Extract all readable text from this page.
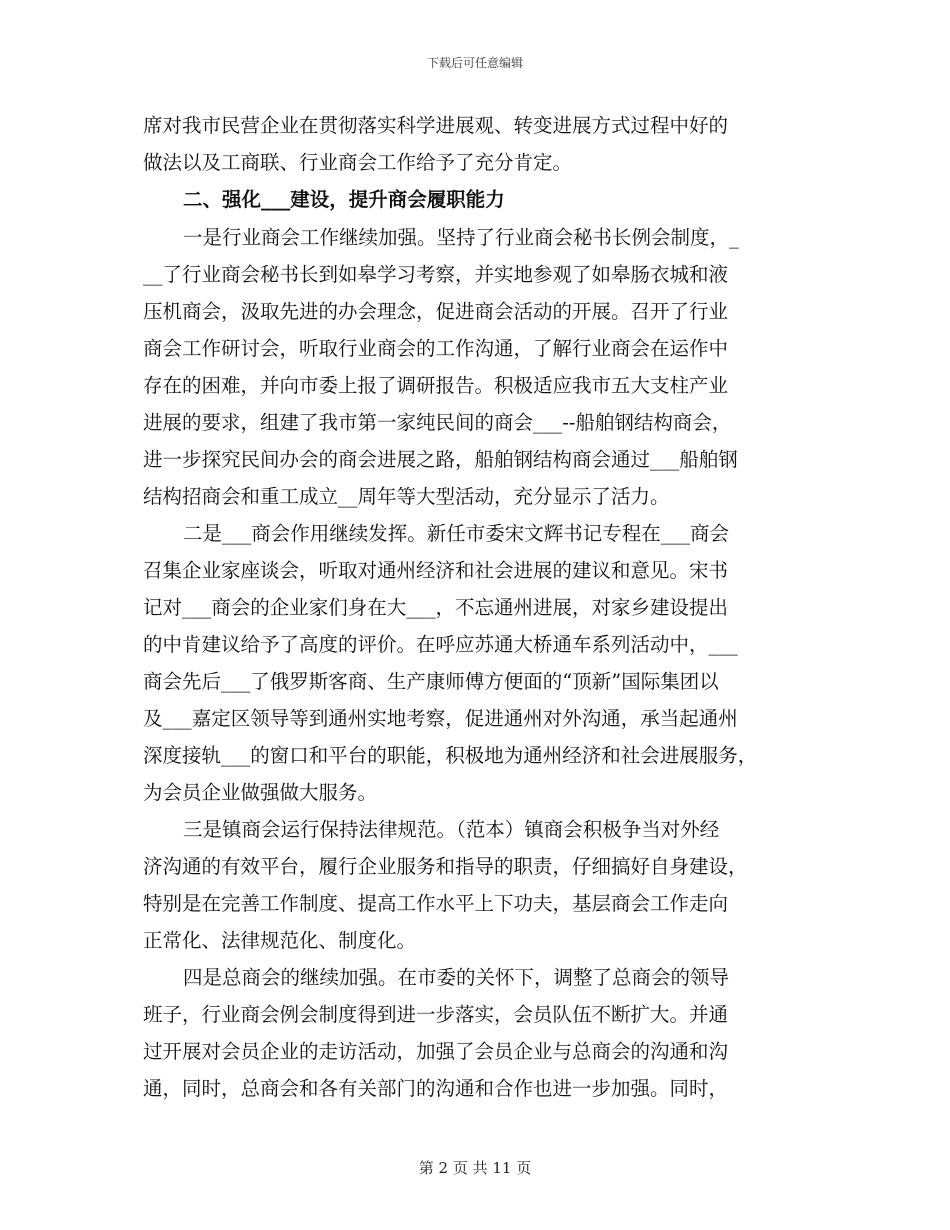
下载后可任意编辑
席对我市民营企业在贯彻落实科学进展观、转变进展方式过程中好的
做法以及工商联、行业商会工作给予了充分肯定。
二、强化___建设，提升商会履职能力
一是行业商会工作继续加强。坚持了行业商会秘书长例会制度，_
__了行业商会秘书长到如皋学习考察，并实地参观了如皋肠衣城和液
压机商会，汲取先进的办会理念，促进商会活动的开展。召开了行业
商会工作研讨会，听取行业商会的工作沟通，了解行业商会在运作中
存在的困难，并向市委上报了调研报告。积极适应我市五大支柱产业
进展的要求，组建了我市第一家纯民间的商会___--船舶钢结构商会，
进一步探究民间办会的商会进展之路，船舶钢结构商会通过___船舶钢
结构招商会和重工成立__周年等大型活动，充分显示了活力。
二是___商会作用继续发挥。新任市委宋文辉书记专程在___商会
召集企业家座谈会，听取对通州经济和社会进展的建议和意见。宋书
记对___商会的企业家们身在大___，不忘通州进展，对家乡建设提出
的中肯建议给予了高度的评价。在呼应苏通大桥通车系列活动中，___
商会先后___了俄罗斯客商、生产康师傅方便面的“顶新”国际集团以
及___嘉定区领导等到通州实地考察，促进通州对外沟通，承当起通州
深度接轨___的窗口和平台的职能，积极地为通州经济和社会进展服务，
为会员企业做强做大服务。
三是镇商会运行保持法律规范。（范本）镇商会积极争当对外经
济沟通的有效平台，履行企业服务和指导的职责，仔细搞好自身建设，
特别是在完善工作制度、提高工作水平上下功夫，基层商会工作走向
正常化、法律规范化、制度化。
四是总商会的继续加强。在市委的关怀下，调整了总商会的领导
班子，行业商会例会制度得到进一步落实，会员队伍不断扩大。并通
过开展对会员企业的走访活动，加强了会员企业与总商会的沟通和沟
通，同时，总商会和各有关部门的沟通和合作也进一步加强。同时，
第 2 页 共 11 页
